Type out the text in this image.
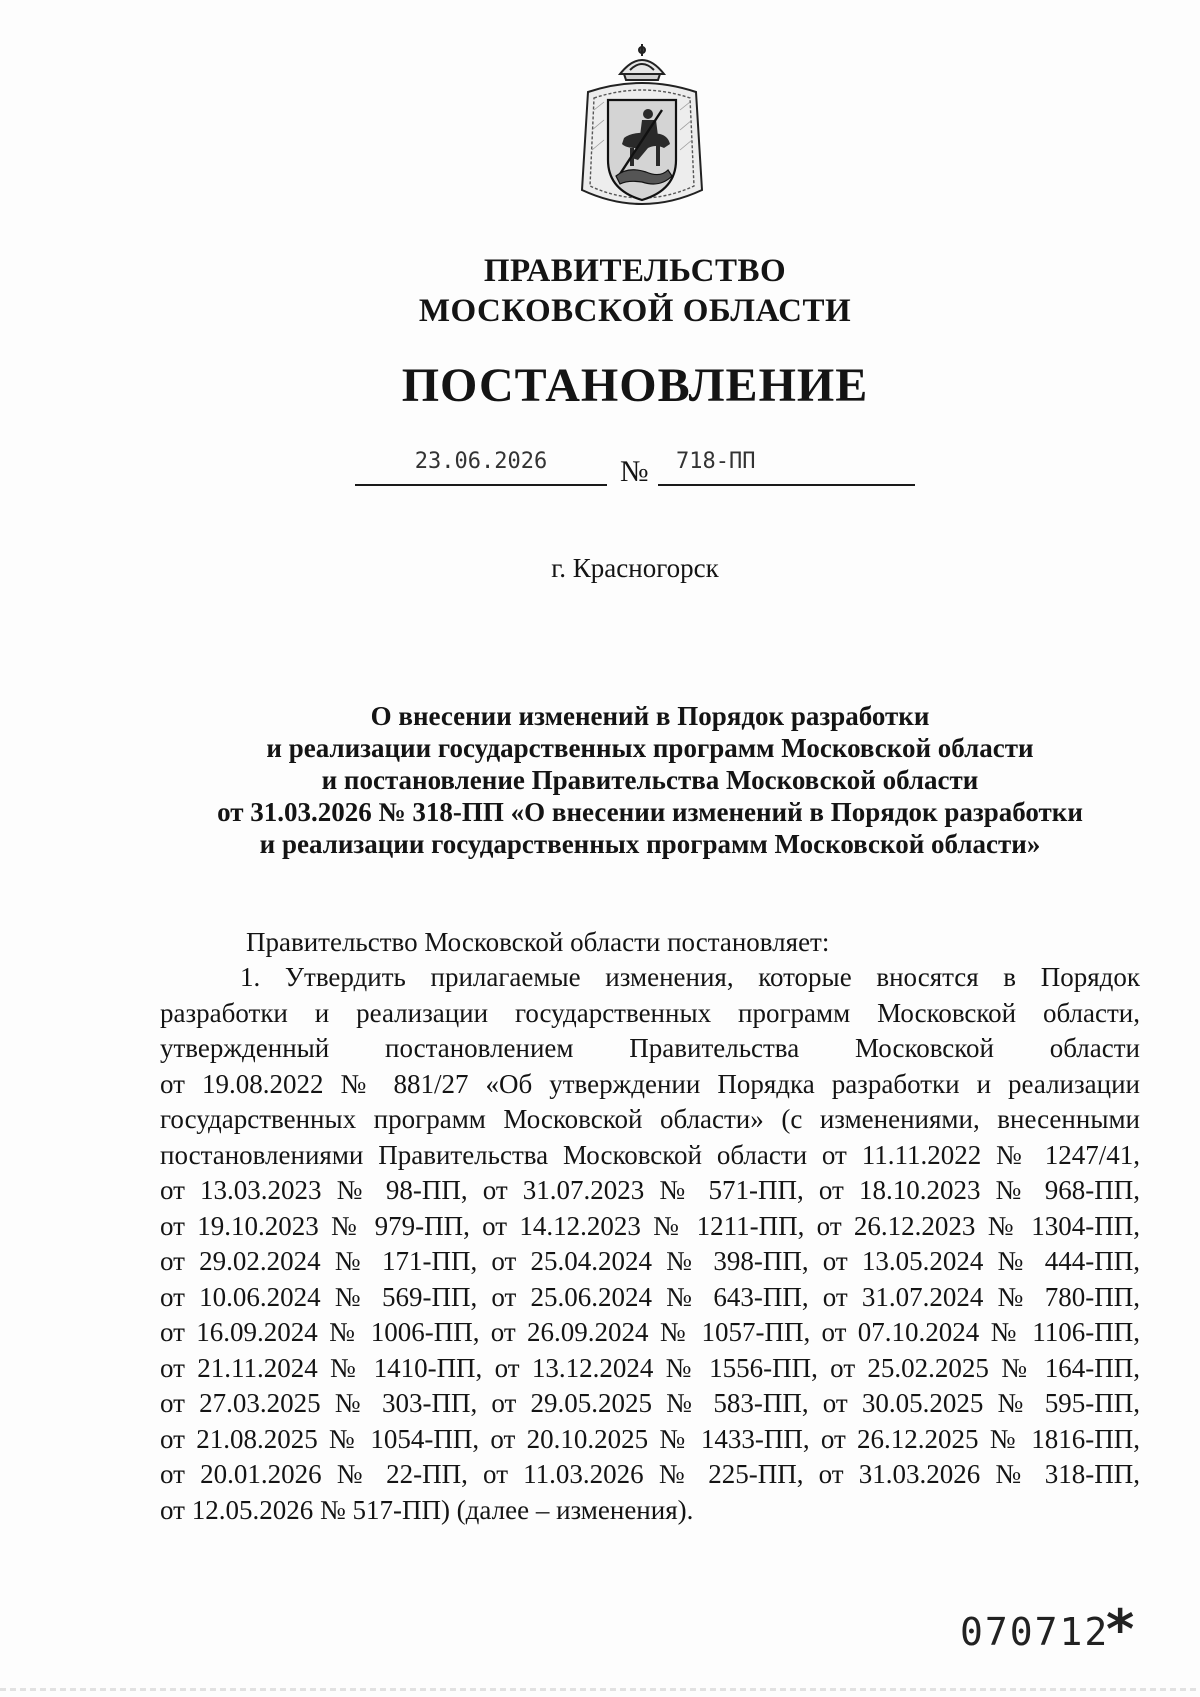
ПРАВИТЕЛЬСТВО
МОСКОВСКОЙ ОБЛАСТИ
ПОСТАНОВЛЕНИЕ
23.06.2026	№ 718-ПП
г. Красногорск
О внесении изменений в Порядок разработки
и реализации государственных программ Московской области
и постановление Правительства Московской области
от 31.03.2026 № 318-ПП «О внесении изменений в Порядок разработки
и реализации государственных программ Московской области»
Правительство Московской области постановляет:
1. Утвердить прилагаемые изменения, которые вносятся в Порядок
разработки и реализации государственных программ Московской области,
утвержденный постановлением Правительства Московской области
от 19.08.2022 № 881/27 «Об утверждении Порядка разработки и реализации
государственных программ Московской области» (с изменениями, внесенными
постановлениями Правительства Московской области от 11.11.2022 № 1247/41,
от 13.03.2023 № 98-ПП, от 31.07.2023 № 571-ПП, от 18.10.2023 № 968-ПП,
от 19.10.2023 № 979-ПП, от 14.12.2023 № 1211-ПП, от 26.12.2023 № 1304-ПП,
от 29.02.2024 № 171-ПП, от 25.04.2024 № 398-ПП, от 13.05.2024 № 444-ПП,
от 10.06.2024 № 569-ПП, от 25.06.2024 № 643-ПП, от 31.07.2024 № 780-ПП,
от 16.09.2024 № 1006-ПП, от 26.09.2024 № 1057-ПП, от 07.10.2024 № 1106-ПП,
от 21.11.2024 № 1410-ПП, от 13.12.2024 № 1556-ПП, от 25.02.2025 № 164-ПП,
от 27.03.2025 № 303-ПП, от 29.05.2025 № 583-ПП, от 30.05.2025 № 595-ПП,
от 21.08.2025 № 1054-ПП, от 20.10.2025 № 1433-ПП, от 26.12.2025 № 1816-ПП,
от 20.01.2026 № 22-ПП, от 11.03.2026 № 225-ПП, от 31.03.2026 № 318-ПП,
от 12.05.2026 № 517-ПП) (далее – изменения).
070712
*
